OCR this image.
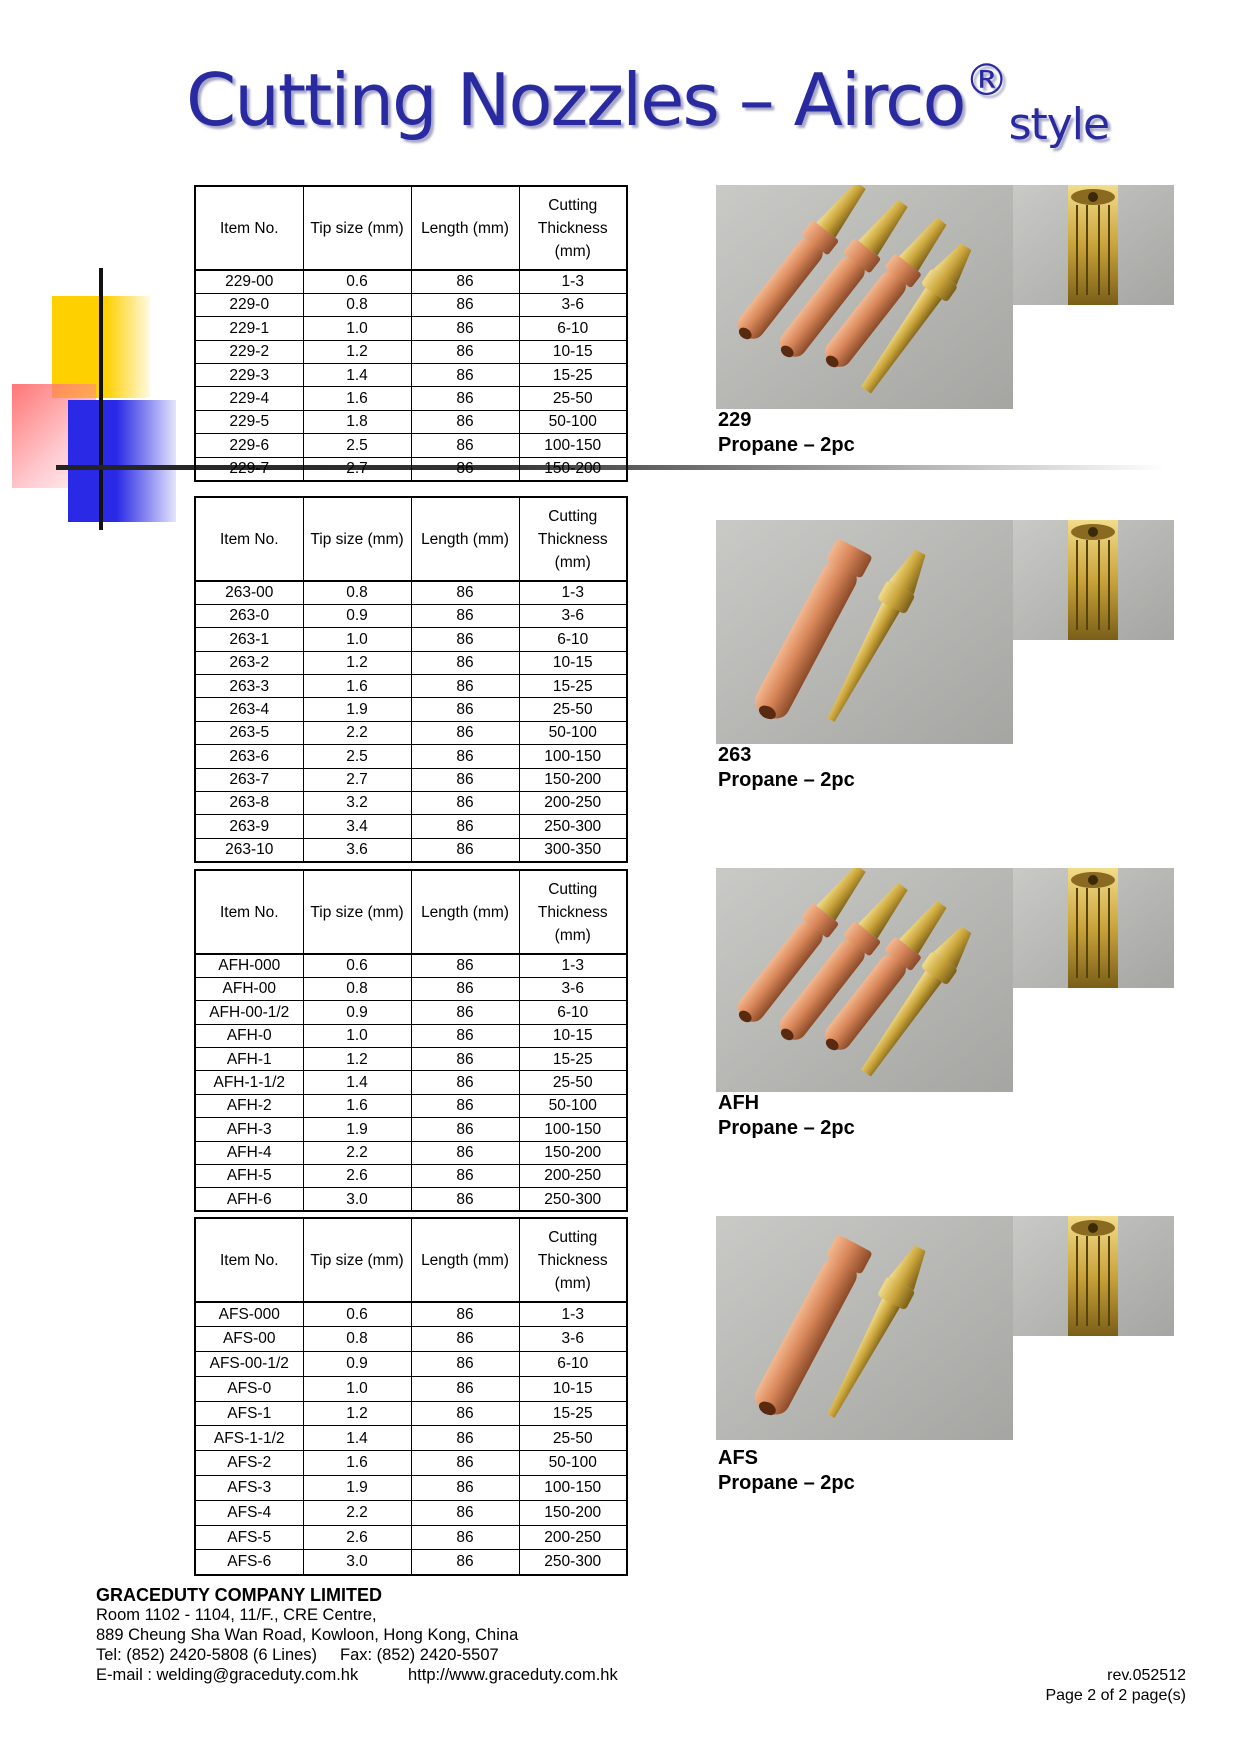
Cutting Nozzles – Airco®style
Item No.	Tip size (mm)	Length (mm)	Cutting Thickness (mm)
229-00	0.6	86	1-3
229-0	0.8	86	3-6
229-1	1.0	86	6-10
229-2	1.2	86	10-15
229-3	1.4	86	15-25
229-4	1.6	86	25-50
229-5	1.8	86	50-100
229-6	2.5	86	100-150
229-7	2.7	86	150-200
Item No.	Tip size (mm)	Length (mm)	Cutting Thickness (mm)
263-00	0.8	86	1-3
263-0	0.9	86	3-6
263-1	1.0	86	6-10
263-2	1.2	86	10-15
263-3	1.6	86	15-25
263-4	1.9	86	25-50
263-5	2.2	86	50-100
263-6	2.5	86	100-150
263-7	2.7	86	150-200
263-8	3.2	86	200-250
263-9	3.4	86	250-300
263-10	3.6	86	300-350
Item No.	Tip size (mm)	Length (mm)	Cutting Thickness (mm)
AFH-000	0.6	86	1-3
AFH-00	0.8	86	3-6
AFH-00-1/2	0.9	86	6-10
AFH-0	1.0	86	10-15
AFH-1	1.2	86	15-25
AFH-1-1/2	1.4	86	25-50
AFH-2	1.6	86	50-100
AFH-3	1.9	86	100-150
AFH-4	2.2	86	150-200
AFH-5	2.6	86	200-250
AFH-6	3.0	86	250-300
Item No.	Tip size (mm)	Length (mm)	Cutting Thickness (mm)
AFS-000	0.6	86	1-3
AFS-00	0.8	86	3-6
AFS-00-1/2	0.9	86	6-10
AFS-0	1.0	86	10-15
AFS-1	1.2	86	15-25
AFS-1-1/2	1.4	86	25-50
AFS-2	1.6	86	50-100
AFS-3	1.9	86	100-150
AFS-4	2.2	86	150-200
AFS-5	2.6	86	200-250
AFS-6	3.0	86	250-300
229
Propane – 2pc
263
Propane – 2pc
AFH
Propane – 2pc
AFS
Propane – 2pc
GRACEDUTY COMPANY LIMITED
Room 1102 - 1104, 11/F., CRE Centre,
889 Cheung Sha Wan Road, Kowloon, Hong Kong, China
Tel: (852) 2420-5808 (6 Lines) Fax: (852) 2420-5507
E-mail : welding@graceduty.com.hk	http://www.graceduty.com.hk	rev.052512
Page 2 of 2 page(s)
